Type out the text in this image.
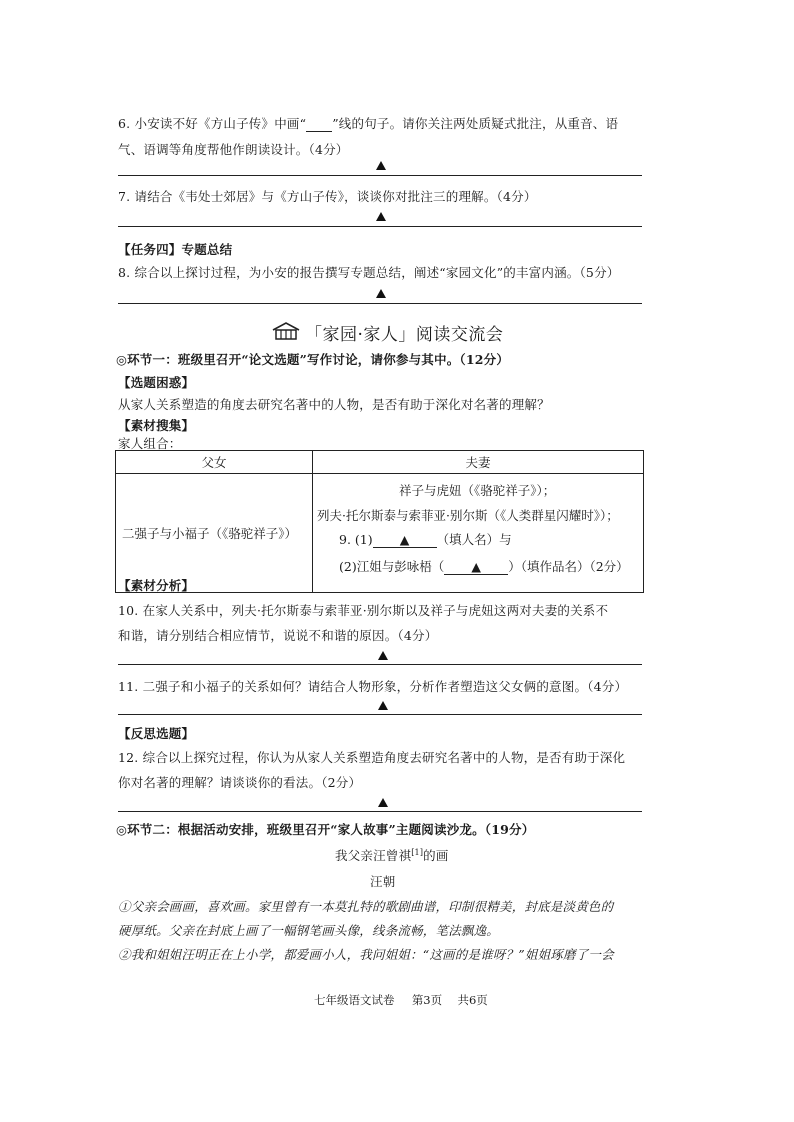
6. 小安读不好《方山子传》中画“ ”线的句子。请你关注两处质疑式批注，从重音、语
气、语调等角度帮他作朗读设计。（4分）
7. 请结合《韦处士郊居》与《方山子传》，谈谈你对批注三的理解。（4分）
【任务四】专题总结
8. 综合以上探讨过程，为小安的报告撰写专题总结，阐述“家园文化”的丰富内涵。（5分）
「家园·家人」阅读交流会
◎环节一：班级里召开“论文选题”写作讨论，请你参与其中。（12分）
【选题困惑】
从家人关系塑造的角度去研究名著中的人物，是否有助于深化对名著的理解？
【素材搜集】
家人组合：
父女	夫妻
二强子与小福子（《骆驼祥子》）	祥子与虎妞（《骆驼祥子》）；
列夫·托尔斯泰与索菲亚·别尔斯（《人类群星闪耀时》）；
9. (1) ▲ （填人名）与
(2)江姐与彭咏梧（ ▲ ）（填作品名）（2分）
【素材分析】
10. 在家人关系中，列夫·托尔斯泰与索菲亚·别尔斯以及祥子与虎妞这两对夫妻的关系不
和谐，请分别结合相应情节，说说不和谐的原因。（4分）
11. 二强子和小福子的关系如何？请结合人物形象，分析作者塑造这父女俩的意图。（4分）
【反思选题】
12. 综合以上探究过程，你认为从家人关系塑造角度去研究名著中的人物，是否有助于深化
你对名著的理解？请谈谈你的看法。（2分）
◎环节二：根据活动安排，班级里召开“家人故事”主题阅读沙龙。（19分）
我父亲汪曾祺[1]的画
汪朝
①父亲会画画，喜欢画。家里曾有一本莫扎特的歌剧曲谱，印制很精美，封底是淡黄色的
硬厚纸。父亲在封底上画了一幅钢笔画头像，线条流畅，笔法飘逸。
②我和姐姐汪明正在上小学，都爱画小人，我问姐姐：“这画的是谁呀？”姐姐琢磨了一会
七年级语文试卷 第3页 共6页
